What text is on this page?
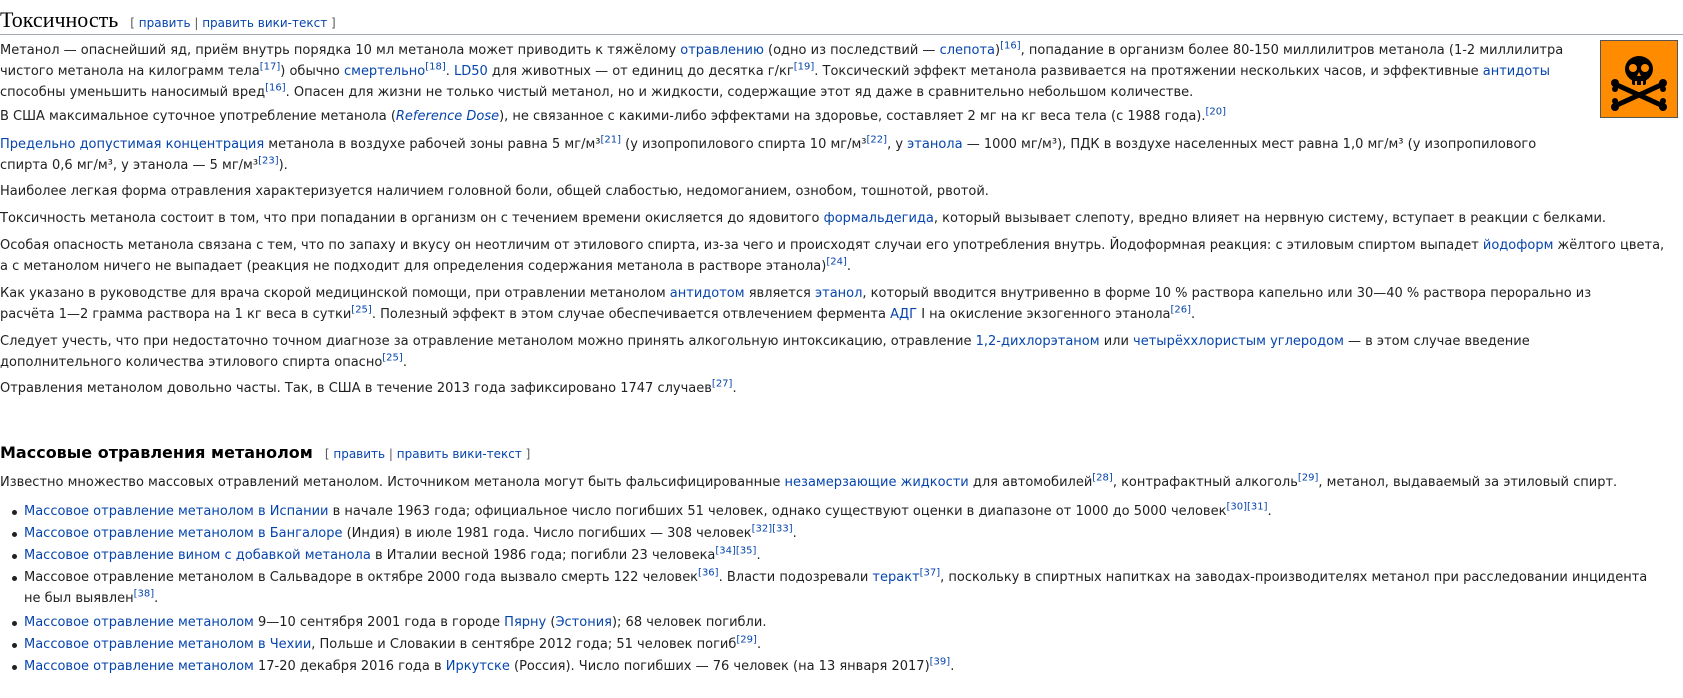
Токсичность [ править | править вики-текст ]

Метанол — опаснейший яд, приём внутрь порядка 10 мл метанола может приводить к тяжёлому отравлению (одно из последствий — слепота)[16], попадание в организм более 80-150 миллилитров метанола (1-2 миллилитра чистого метанола на килограмм тела[17]) обычно смертельно[18]. LD50 для животных — от единиц до десятка г/кг[19]. Токсический эффект метанола развивается на протяжении нескольких часов, и эффективные антидоты способны уменьшить наносимый вред[16]. Опасен для жизни не только чистый метанол, но и жидкости, содержащие этот яд даже в сравнительно небольшом количестве.

В США максимальное суточное употребление метанола (Reference Dose), не связанное с какими-либо эффектами на здоровье, составляет 2 мг на кг веса тела (с 1988 года).[20]

Предельно допустимая концентрация метанола в воздухе рабочей зоны равна 5 мг/м³[21] (у изопропилового спирта 10 мг/м³[22], у этанола — 1000 мг/м³), ПДК в воздухе населенных мест равна 1,0 мг/м³ (у изопропилового спирта 0,6 мг/м³, у этанола — 5 мг/м³[23]).

Наиболее легкая форма отравления характеризуется наличием головной боли, общей слабостью, недомоганием, ознобом, тошнотой, рвотой.

Токсичность метанола состоит в том, что при попадании в организм он с течением времени окисляется до ядовитого формальдегида, который вызывает слепоту, вредно влияет на нервную систему, вступает в реакции с белками.

Особая опасность метанола связана с тем, что по запаху и вкусу он неотличим от этилового спирта, из-за чего и происходят случаи его употребления внутрь. Йодоформная реакция: с этиловым спиртом выпадет йодоформ жёлтого цвета, а с метанолом ничего не выпадает (реакция не подходит для определения содержания метанола в растворе этанола)[24].

Как указано в руководстве для врача скорой медицинской помощи, при отравлении метанолом антидотом является этанол, который вводится внутривенно в форме 10 % раствора капельно или 30—40 % раствора перорально из расчёта 1—2 грамма раствора на 1 кг веса в сутки[25]. Полезный эффект в этом случае обеспечивается отвлечением фермента АДГ I на окисление экзогенного этанола[26].

Следует учесть, что при недостаточно точном диагнозе за отравление метанолом можно принять алкогольную интоксикацию, отравление 1,2-дихлорэтаном или четырёххлористым углеродом — в этом случае введение дополнительного количества этилового спирта опасно[25].

Отравления метанолом довольно часты. Так, в США в течение 2013 года зафиксировано 1747 случаев[27].

Массовые отравления метанолом [ править | править вики-текст ]

Известно множество массовых отравлений метанолом. Источником метанола могут быть фальсифицированные незамерзающие жидкости для автомобилей[28], контрафактный алкоголь[29], метанол, выдаваемый за этиловый спирт.

Массовое отравление метанолом в Испании в начале 1963 года; официальное число погибших 51 человек, однако существуют оценки в диапазоне от 1000 до 5000 человек[30][31].
Массовое отравление метанолом в Бангалоре (Индия) в июле 1981 года. Число погибших — 308 человек[32][33].
Массовое отравление вином с добавкой метанола в Италии весной 1986 года; погибли 23 человека[34][35].
Массовое отравление метанолом в Сальвадоре в октябре 2000 года вызвало смерть 122 человек[36]. Власти подозревали теракт[37], поскольку в спиртных напитках на заводах-производителях метанол при расследовании инцидента не был выявлен[38].
Массовое отравление метанолом 9—10 сентября 2001 года в городе Пярну (Эстония); 68 человек погибли.
Массовое отравление метанолом в Чехии, Польше и Словакии в сентябре 2012 года; 51 человек погиб[29].
Массовое отравление метанолом 17-20 декабря 2016 года в Иркутске (Россия). Число погибших — 76 человек (на 13 января 2017)[39].
